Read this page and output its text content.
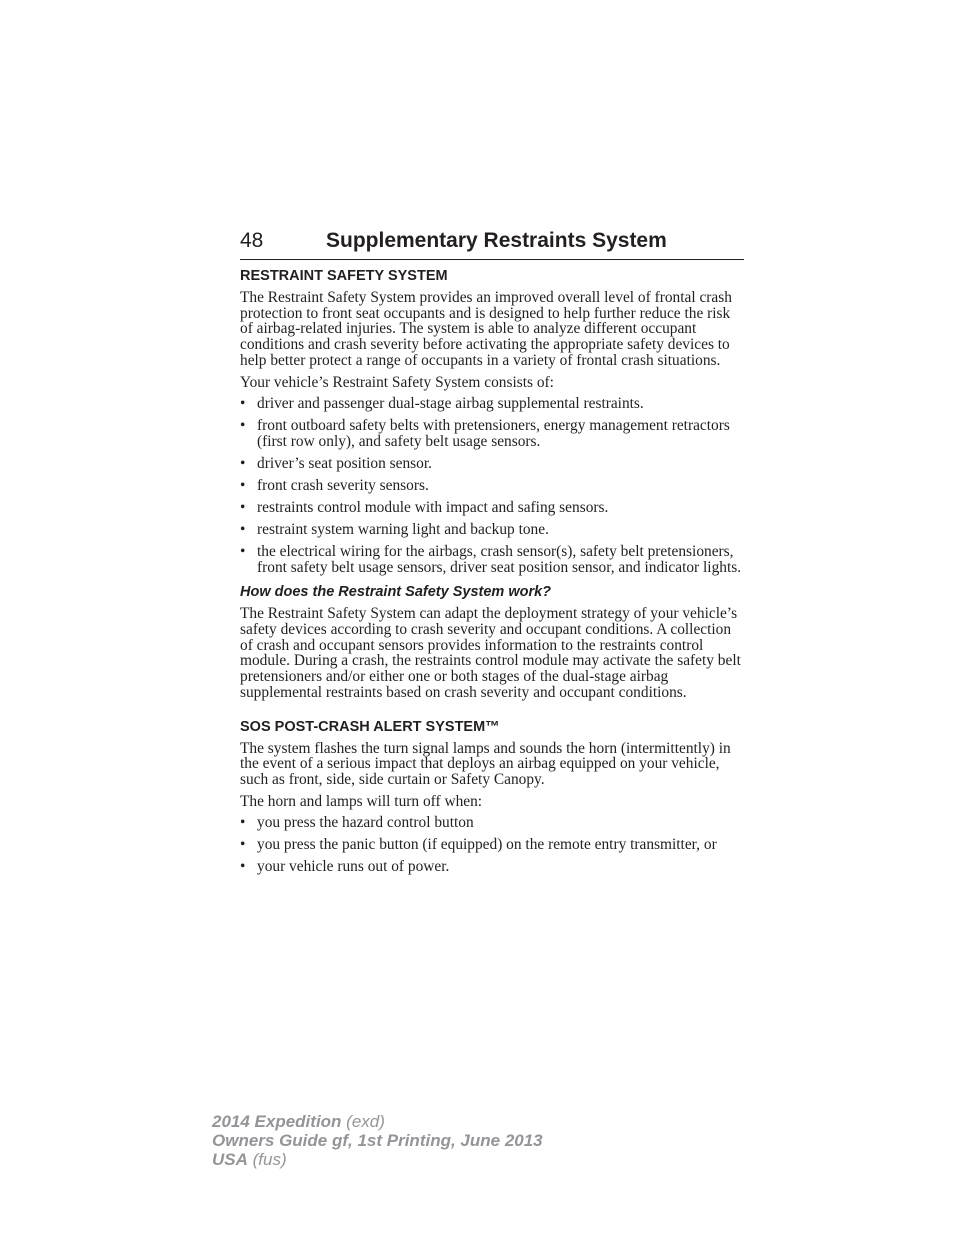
48	Supplementary Restraints System
RESTRAINT SAFETY SYSTEM

The Restraint Safety System provides an improved overall level of frontal crash protection to front seat occupants and is designed to help further reduce the risk of airbag-related injuries. The system is able to analyze different occupant conditions and crash severity before activating the appropriate safety devices to help better protect a range of occupants in a variety of frontal crash situations.

Your vehicle’s Restraint Safety System consists of:

• driver and passenger dual-stage airbag supplemental restraints.
• front outboard safety belts with pretensioners, energy management retractors (first row only), and safety belt usage sensors.
• driver’s seat position sensor.
• front crash severity sensors.
• restraints control module with impact and safing sensors.
• restraint system warning light and backup tone.
• the electrical wiring for the airbags, crash sensor(s), safety belt pretensioners, front safety belt usage sensors, driver seat position sensor, and indicator lights.
How does the Restraint Safety System work?

The Restraint Safety System can adapt the deployment strategy of your vehicle’s safety devices according to crash severity and occupant conditions. A collection of crash and occupant sensors provides information to the restraints control module. During a crash, the restraints control module may activate the safety belt pretensioners and/or either one or both stages of the dual-stage airbag supplemental restraints based on crash severity and occupant conditions.

SOS POST-CRASH ALERT SYSTEM™

The system flashes the turn signal lamps and sounds the horn (intermittently) in the event of a serious impact that deploys an airbag equipped on your vehicle, such as front, side, side curtain or Safety Canopy.

The horn and lamps will turn off when:

• you press the hazard control button
• you press the panic button (if equipped) on the remote entry transmitter, or
• your vehicle runs out of power.
2014 Expedition (exd)
Owners Guide gf, 1st Printing, June 2013
USA (fus)
